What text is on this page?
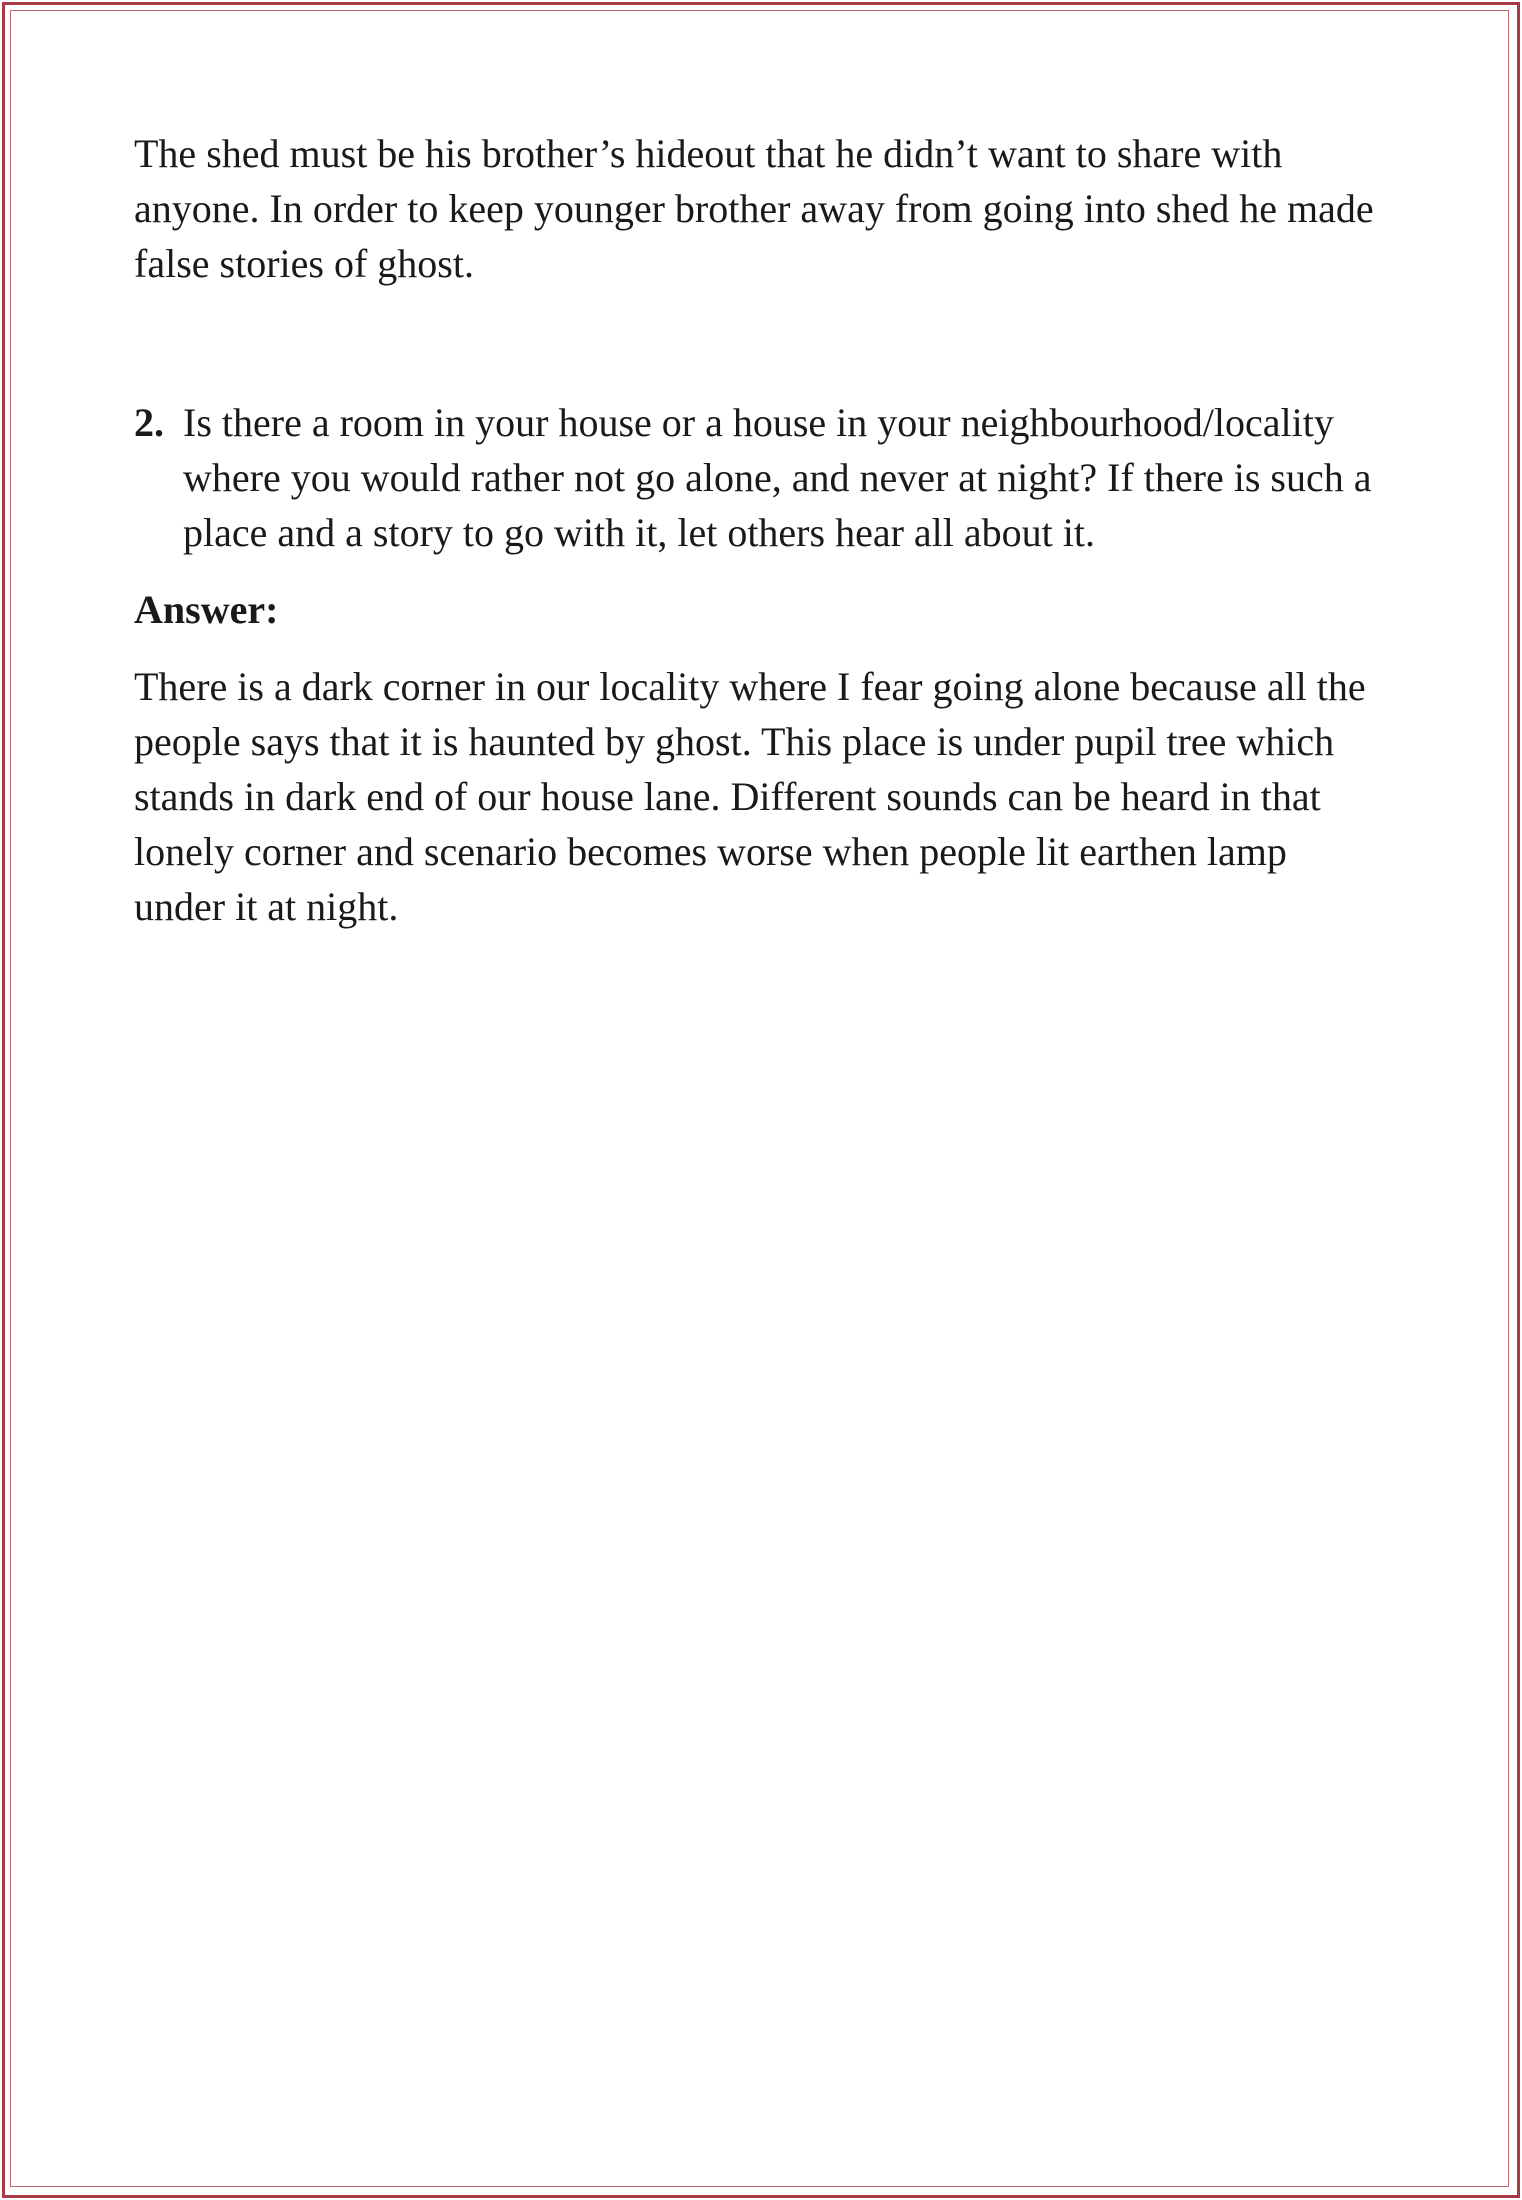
The shed must be his brother’s hideout that he didn’t want to share with anyone. In order to keep younger brother away from going into shed he made false stories of ghost.

2. Is there a room in your house or a house in your neighbourhood/locality where you would rather not go alone, and never at night? If there is such a place and a story to go with it, let others hear all about it.

Answer:

There is a dark corner in our locality where I fear going alone because all the people says that it is haunted by ghost. This place is under pupil tree which stands in dark end of our house lane. Different sounds can be heard in that lonely corner and scenario becomes worse when people lit earthen lamp under it at night.
